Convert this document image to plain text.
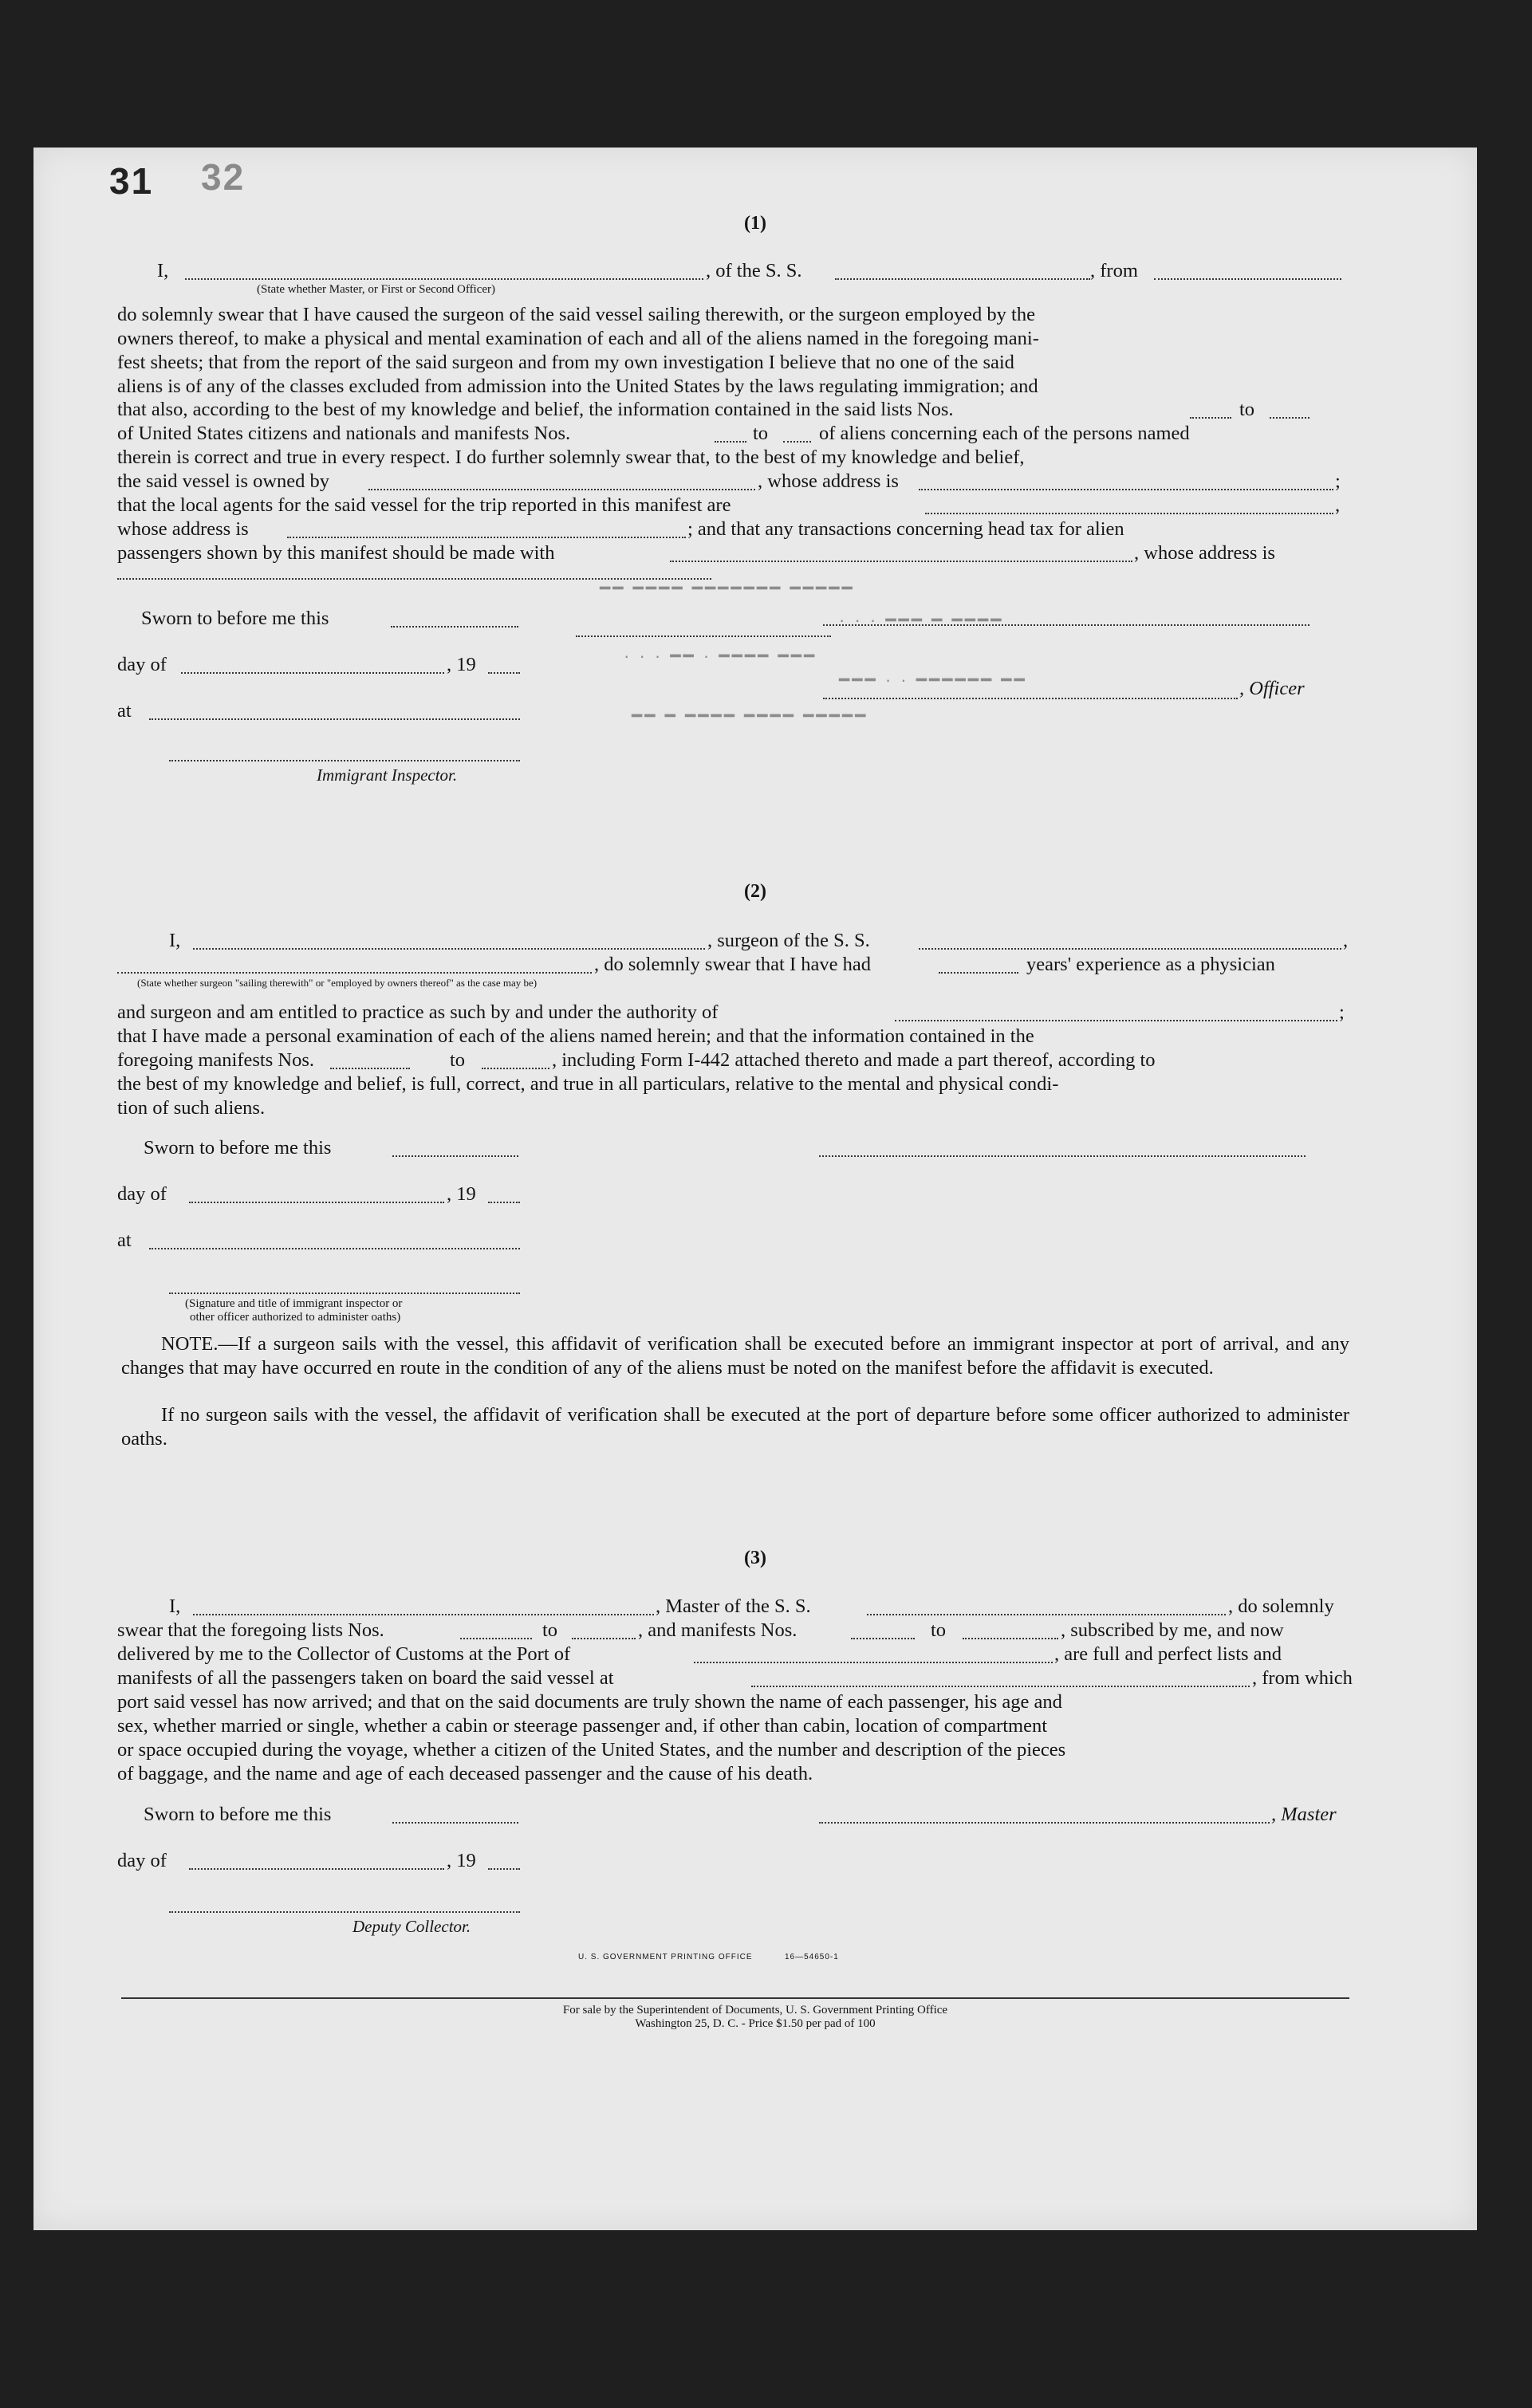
31 32
(1)
I,	, of the S. S.	, from
(State whether Master, or First or Second Officer)
do solemnly swear that I have caused the surgeon of the said vessel sailing therewith, or the surgeon employed by the
owners thereof, to make a physical and mental examination of each and all of the aliens named in the foregoing mani-
fest sheets; that from the report of the said surgeon and from my own investigation I believe that no one of the said
aliens is of any of the classes excluded from admission into the United States by the laws regulating immigration; and
that also, according to the best of my knowledge and belief, the information contained in the said lists Nos.	to
of United States citizens and nationals and manifests Nos.	to	of aliens concerning each of the persons named
therein is correct and true in every respect. I do further solemnly swear that, to the best of my knowledge and belief,
the said vessel is owned by	, whose address is	;
that the local agents for the said vessel for the trip reported in this manifest are	,
whose address is	; and that any transactions concerning head tax for alien
passengers shown by this manifest should be made with	, whose address is
Sworn to before me this
day of	, 19
at
Immigrant Inspector.
, Officer
━━ ━━━━ ━━━━━━━ ━━━━━
· · · ━━━ ━ ━━━━
· · · ━━ · ━━━━ ━━━
━━━ · · ━━━━━━ ━━
━━ ━ ━━━━ ━━━━ ━━━━━
(2)
I,	, surgeon of the S. S.	,
, do solemnly swear that I have had	years' experience as a physician
(State whether surgeon "sailing therewith" or "employed by owners thereof" as the case may be)
and surgeon and am entitled to practice as such by and under the authority of	;
that I have made a personal examination of each of the aliens named herein; and that the information contained in the
foregoing manifests Nos.	to	, including Form I-442 attached thereto and made a part thereof, according to
the best of my knowledge and belief, is full, correct, and true in all particulars, relative to the mental and physical condi-
tion of such aliens.
Sworn to before me this
day of	, 19
at
(Signature and title of immigrant inspector or
other officer authorized to administer oaths)
NOTE.—If a surgeon sails with the vessel, this affidavit of verification shall be executed before an immigrant inspector at port of arrival, and any changes that may have occurred en route in the condition of any of the aliens must be noted on the manifest before the affidavit is executed.
If no surgeon sails with the vessel, the affidavit of verification shall be executed at the port of departure before some officer authorized to administer oaths.
(3)
I,	, Master of the S. S.	, do solemnly
swear that the foregoing lists Nos.	to	, and manifests Nos.	to	, subscribed by me, and now
delivered by me to the Collector of Customs at the Port of	, are full and perfect lists and
manifests of all the passengers taken on board the said vessel at	, from which
port said vessel has now arrived; and that on the said documents are truly shown the name of each passenger, his age and
sex, whether married or single, whether a cabin or steerage passenger and, if other than cabin, location of compartment
or space occupied during the voyage, whether a citizen of the United States, and the number and description of the pieces
of baggage, and the name and age of each deceased passenger and the cause of his death.
Sworn to before me this	, Master
day of	, 19
Deputy Collector.
U. S. GOVERNMENT PRINTING OFFICE	16—54650-1
For sale by the Superintendent of Documents, U. S. Government Printing Office
Washington 25, D. C. - Price $1.50 per pad of 100
